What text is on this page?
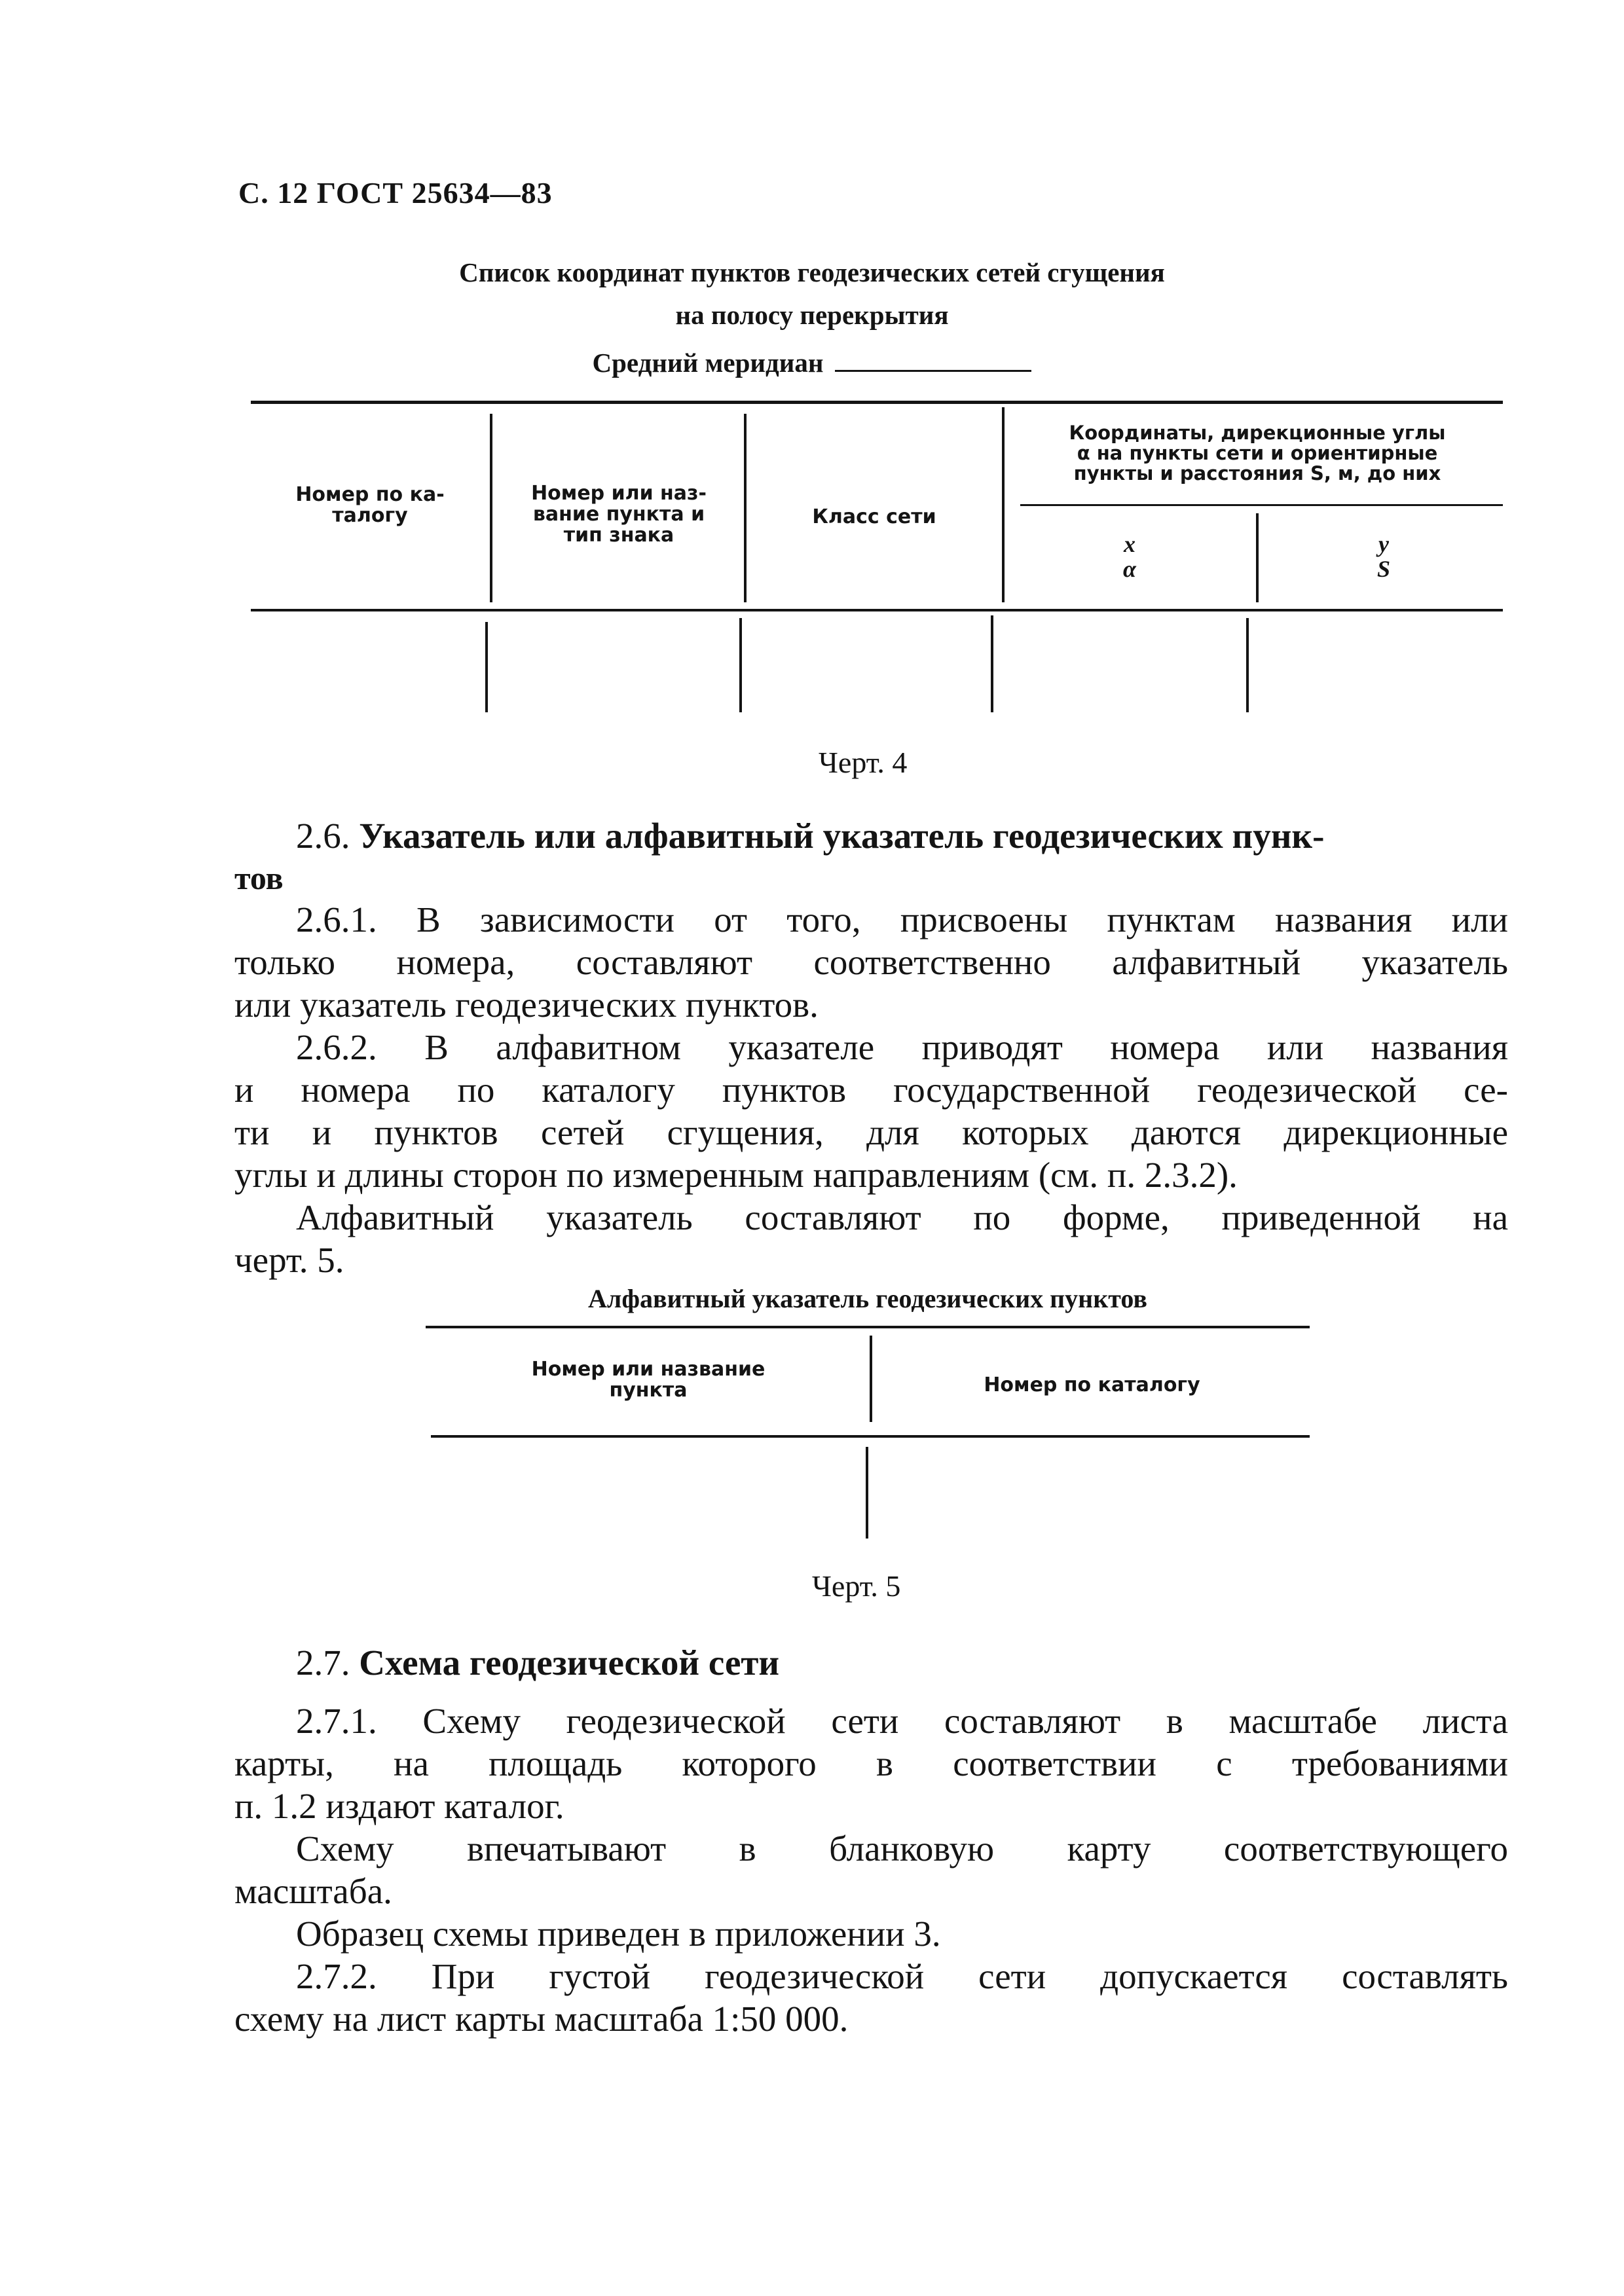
С. 12 ГОСТ 25634—83
Список координат пунктов геодезических сетей сгущения
на полосу перекрытия
Средний меридиан
Номер по ка-
талогу
Номер или наз-
вание пункта и
тип знака
Класс сети
Координаты, дирекционные углы
α на пункты сети и ориентирные
пункты и расстояния S, м, до них
x
α
y
S
Черт. 4
2.6. Указатель или алфавитный указатель геодезических пунк-
тов

2.6.1. В зависимости от того, присвоены пунктам названия или

только номера, составляют соответственно алфавитный указатель

или указатель геодезических пунктов.

2.6.2. В алфавитном указателе приводят номера или названия

и номера по каталогу пунктов государственной геодезической се-

ти и пунктов сетей сгущения, для которых даются дирекционные

углы и длины сторон по измеренным направлениям (см. п. 2.3.2).

Алфавитный указатель составляют по форме, приведенной на

черт. 5.

Алфавитный указатель геодезических пунктов
Номер или название
пункта	Номер по каталогу
Черт. 5
2.7. Схема геодезической сети

2.7.1. Схему геодезической сети составляют в масштабе листа

карты, на площадь которого в соответствии с требованиями

п. 1.2 издают каталог.

Схему впечатывают в бланковую карту соответствующего

масштаба.

Образец схемы приведен в приложении 3.

2.7.2. При густой геодезической сети допускается составлять

схему на лист карты масштаба 1:50 000.
